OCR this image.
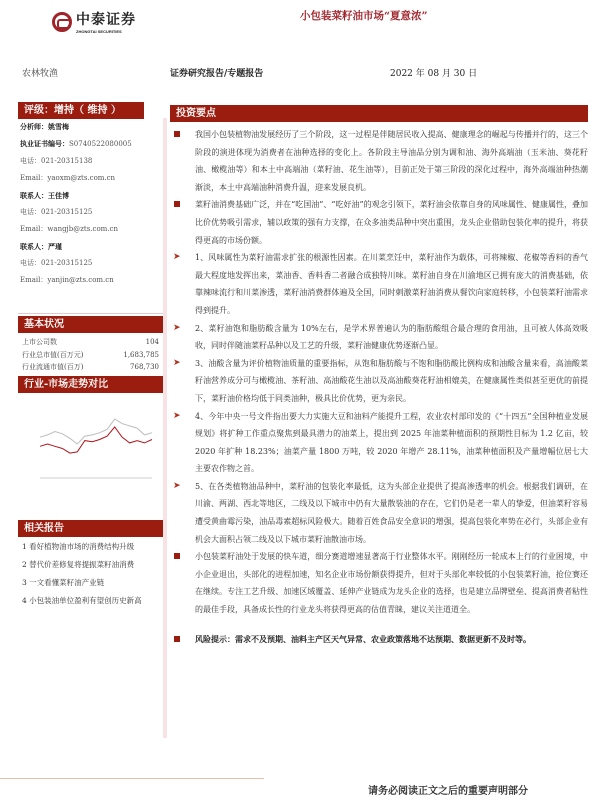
中泰证券
ZHONGTAI SECURITIES
小包装菜籽油市场“夏意浓”
农林牧渔	证券研究报告/专题报告	2022 年 08 月 30 日
评级：增持（ 维持 ）
分析师：姚雪梅
执业证书编号：S0740522080005
电话：021-20315138
Email：yaoxm@zts.com.cn
联系人：王佳博
电话：021-20315125
Email：wangjb@zts.com.cn
联系人：严瑾
电话：021-20315125
Email：yanjin@zts.com.cn
基本状况
上市公司数	104
行业总市值(百万元)	1,683,785
行业流通市值(百万)	768,730
行业-市场走势对比
相关报告
1 看好植物油市场的消费结构升级
2 替代价差修复将提振菜籽油消费
3 一文看懂菜籽油产业链
4 小包装油单位盈利有望创历史新高
投资要点
我国小包装植物油发展经历了三个阶段，这一过程是伴随居民收入提高、健康理念的崛起与传播并行的，这三个阶段的演进体现为消费者在油种选择的变化上。各阶段主导油品分别为调和油、海外高端油（玉米油、葵花籽油、橄榄油等）和本土中高端油（菜籽油、花生油等），目前正处于第三阶段的深化过程中，海外高端油种热潮渐淡，本土中高端油种消费升温，迎来发展良机。
菜籽油消费基础广泛，并在“吃国油”、“吃好油”的观念引领下，菜籽油会依靠自身的风味属性、健康属性，叠加比价优势吸引需求，辅以政策的强有力支撑，在众多油类品种中突出重围，龙头企业借助包装化率的提升，将获得更高的市场份额。
➤ 1、风味属性为菜籽油需求扩张的根源性因素。在川菜烹饪中，菜籽油作为载体，可将辣椒、花椒等香料的香气最大程度地发挥出来，菜油香、香料香二者融合成独特川味。菜籽油自身在川渝地区已拥有庞大的消费基础，依靠辣味流行和川菜渗透，菜籽油消费群体遍及全国，同时刺激菜籽油消费从餐饮向家庭转移，小包装菜籽油需求得到提升。
➤ 2、菜籽油饱和脂肪酸含量为 10%左右，是学术界普遍认为的脂肪酸组合最合理的食用油，且可被人体高效吸收，同时伴随油菜籽品种以及工艺的升级，菜籽油健康优势逐渐凸显。
➤ 3、油酸含量为评价植物油质量的重要指标，从饱和脂肪酸与不饱和脂肪酸比例构成和油酸含量来看，高油酸菜籽油营养成分可与橄榄油、茶籽油、高油酸花生油以及高油酸葵花籽油相媲美，在健康属性类似甚至更优的前提下，菜籽油价格均低于同类油种，极具比价优势，更为亲民。
➤ 4、今年中央一号文件指出要大力实施大豆和油料产能提升工程，农业农村部印发的《“十四五”全国种植业发展规划》将扩种工作重点聚焦到最具潜力的油菜上，提出到 2025 年油菜种植面积的预期性目标为 1.2 亿亩，较 2020 年扩种 18.23%；油菜产量 1800 万吨，较 2020 年增产 28.11%，油菜种植面积及产量增幅位居七大主要农作物之首。
➤ 5、在各类植物油品种中，菜籽油的包装化率最低，这为头部企业提供了提高渗透率的机会。根据我们调研，在川渝、两湖、西北等地区，二线及以下城市中仍有大量散装油的存在，它们仍是老一辈人的挚爱，但油菜籽容易遭受黄曲霉污染，油品毒素超标风险极大。随着百姓食品安全意识的增强，提高包装化率势在必行，头部企业有机会大面积占领二线及以下城市菜籽油散油市场。
小包装菜籽油处于发展的快车道，细分赛道增速显著高于行业整体水平。刚刚经历一轮成本上行的行业困境，中小企业退出，头部化的进程加速，知名企业市场份额获得提升，但对于头部化率较低的小包装菜籽油，抢位赛还在继续。专注工艺升级、加速区域覆盖、延伸产业链成为龙头企业的选择，也是建立品牌壁垒、提高消费者粘性的最佳手段，具备成长性的行业龙头将获得更高的估值青睐，建议关注道道全。
风险提示：需求不及预期、油料主产区天气异常、农业政策落地不达预期、数据更新不及时等。
请务必阅读正文之后的重要声明部分
